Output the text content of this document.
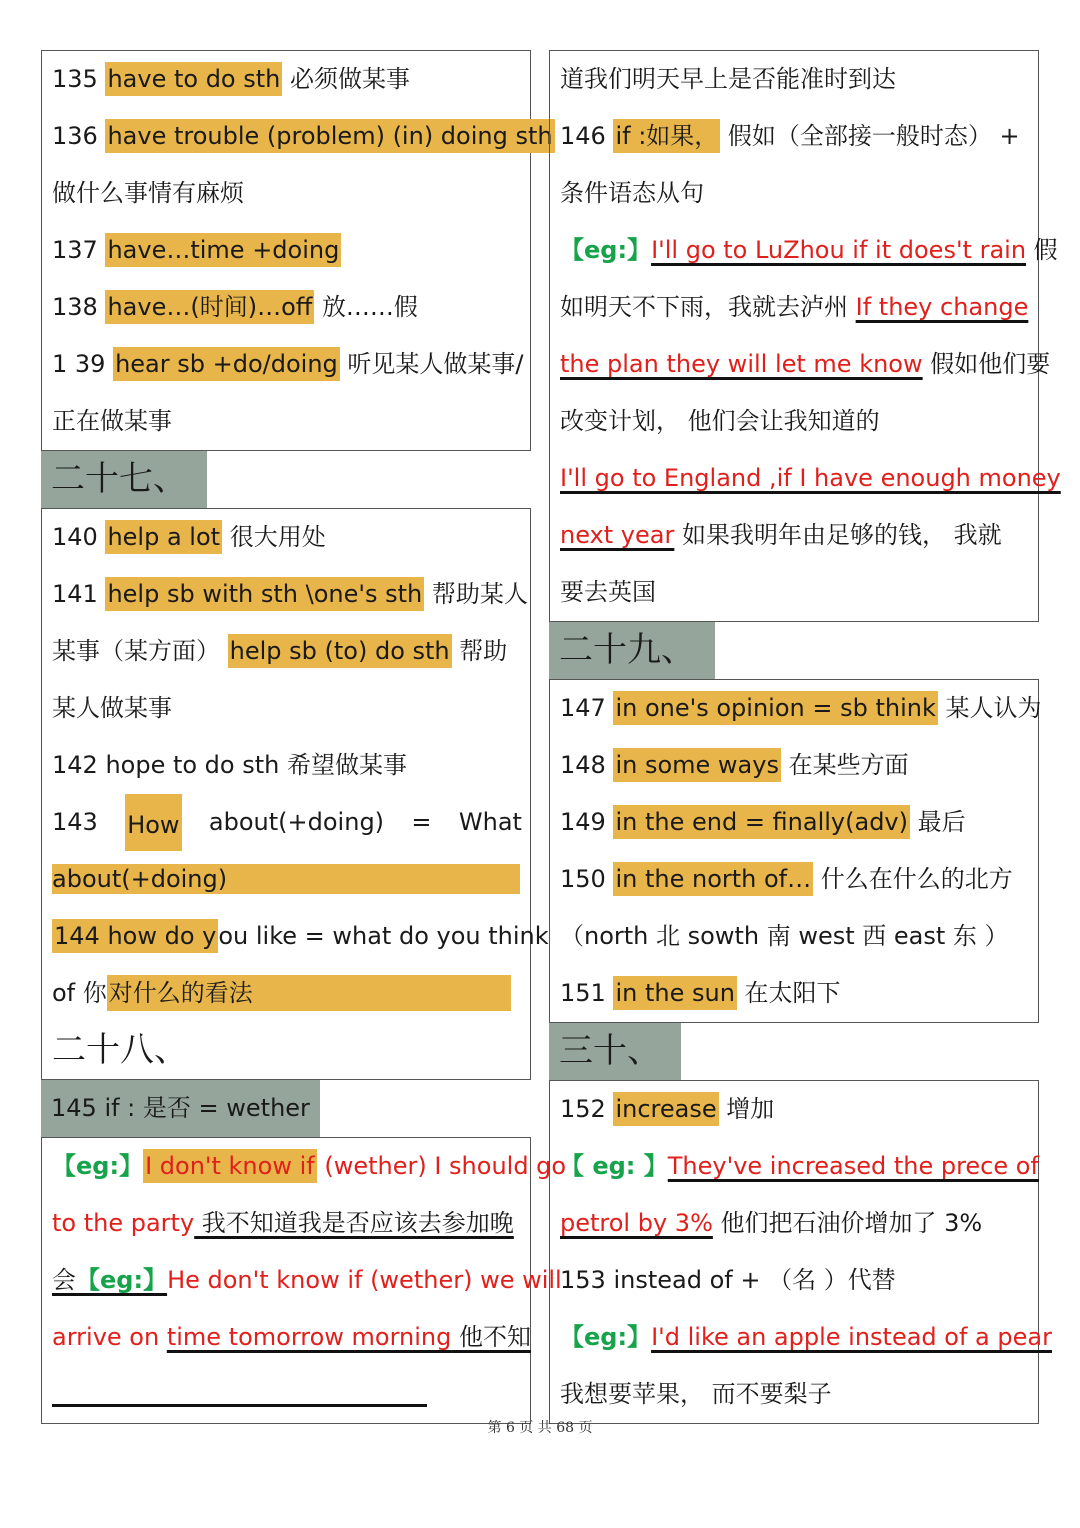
135 have to do sth 必须做某事
136 have trouble (problem) (in) doing sth
做什么事情有麻烦
137 have…time +doing
138 have…(时间)…off 放……假
1 39 hear sb +do/doing 听见某人做某事/
正在做某事
二十七、
140 help a lot 很大用处
141 help sb with sth \one's sth 帮助某人
某事（某方面） help sb (to) do sth 帮助
某人做某事
142 hope to do sth 希望做某事
143 How about(+doing) = What
about(+doing)
144 how do you like = what do you think
of 你对什么的看法
二十八、
145 if : 是否 = wether
【eg:】I don't know if (wether) I should go
to the party 我不知道我是否应该去参加晚
会【eg:】He don't know if (wether) we will
arrive on time tomorrow morning 他不知
道我们明天早上是否能准时到达
146 if :如果， 假如（全部接一般时态） +
条件语态从句
【eg:】I'll go to LuZhou if it does't rain 假
如明天不下雨，我就去泸州 If they change
the plan they will let me know 假如他们要
改变计划， 他们会让我知道的
I'll go to England ,if I have enough money
next year 如果我明年由足够的钱， 我就
要去英国
二十九、
147 in one's opinion = sb think 某人认为
148 in some ways 在某些方面
149 in the end = finally(adv) 最后
150 in the north of… 什么在什么的北方
（north 北 sowth 南 west 西 east 东 ）
151 in the sun 在太阳下
三十、
152 increase 增加
【 eg: 】They've increased the prece of
petrol by 3% 他们把石油价增加了 3%
153 instead of + （名 ）代替
【eg:】I'd like an apple instead of a pear
我想要苹果， 而不要梨子
第 6 页 共 68 页
